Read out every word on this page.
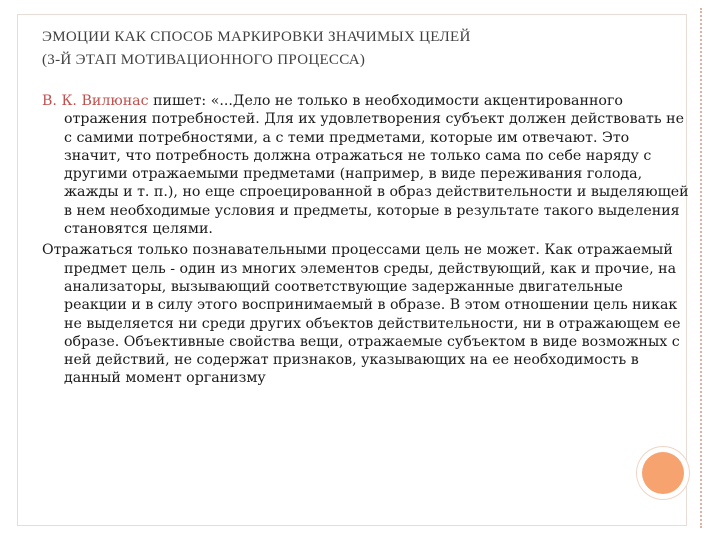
ЭМОЦИИ КАК СПОСОБ МАРКИРОВКИ ЗНАЧИМЫХ ЦЕЛЕЙ
(3-Й ЭТАП МОТИВАЦИОННОГО ПРОЦЕССА)

В. К. Вилюнас пишет: «...Дело не только в необходимости акцентированного отражения потребностей. Для их удовлетворения субъект должен действовать не с самими потребностями, а с теми предметами, которые им отвечают. Это значит, что потребность должна отражаться не только сама по себе наряду с другими отражаемыми предметами (например, в виде переживания голода, жажды и т. п.), но еще спроецированной в образ действительности и выделяющей в нем необходимые условия и предметы, которые в результате такого выделения становятся целями.

Отражаться только познавательными процессами цель не может. Как отражаемый предмет цель - один из многих элементов среды, действующий, как и прочие, на анализаторы, вызывающий соответствующие задержанные двигательные реакции и в силу этого воспринимаемый в образе. В этом отношении цель никак не выделяется ни среди других объектов действительности, ни в отражающем ее образе. Объективные свойства вещи, отражаемые субъектом в виде возможных с ней действий, не содержат признаков, указывающих на ее необходимость в данный момент организму
